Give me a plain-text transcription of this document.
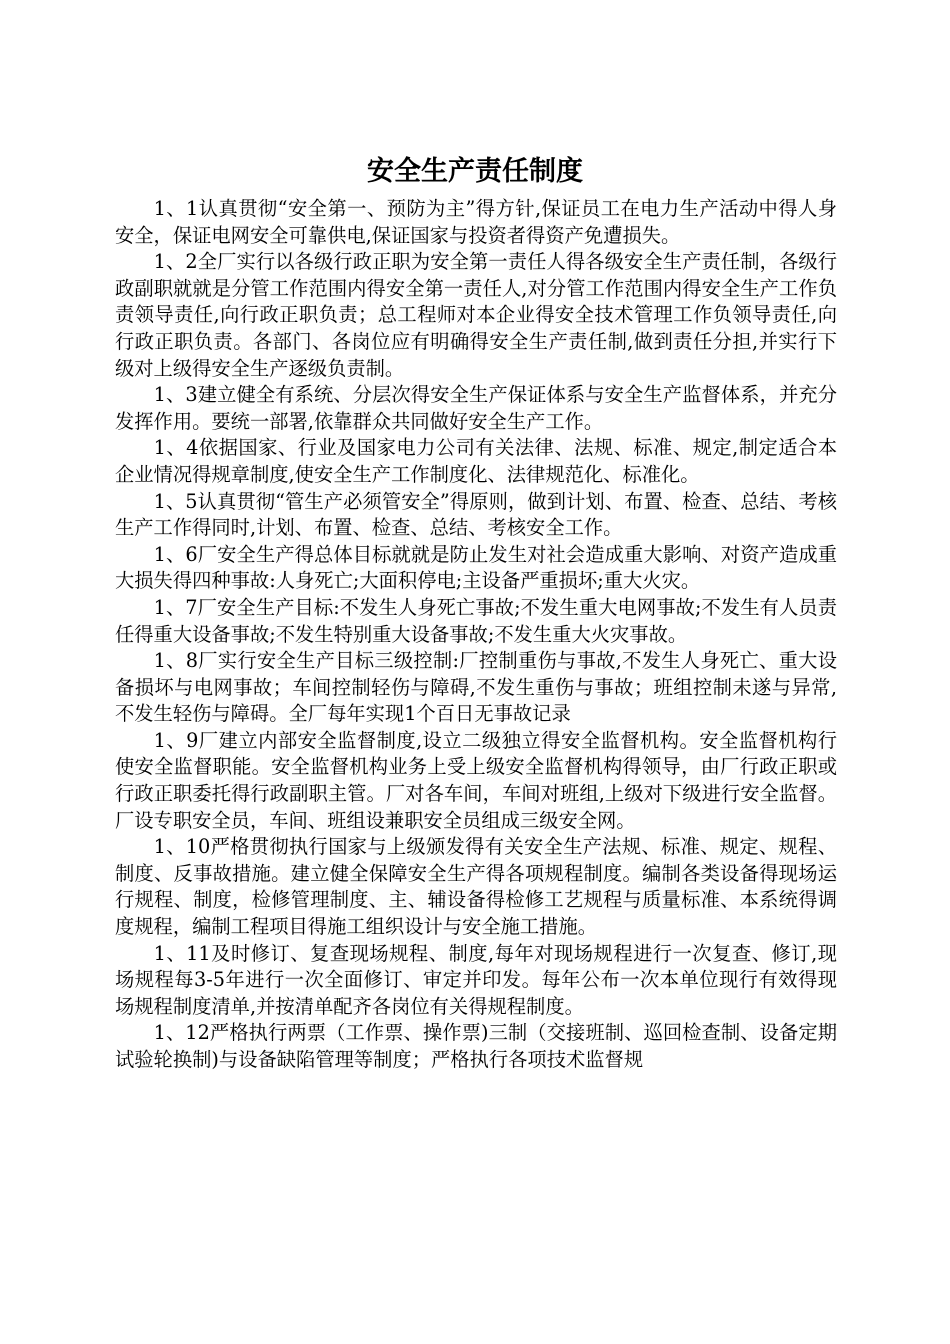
安全生产责任制度

1、1认真贯彻“安全第一、预防为主”得方针,保证员工在电力生产活动中得人身安全，保证电网安全可靠供电,保证国家与投资者得资产免遭损失。

1、2全厂实行以各级行政正职为安全第一责任人得各级安全生产责任制，各级行政副职就就是分管工作范围内得安全第一责任人,对分管工作范围内得安全生产工作负责领导责任,向行政正职负责；总工程师对本企业得安全技术管理工作负领导责任,向行政正职负责。各部门、各岗位应有明确得安全生产责任制,做到责任分担,并实行下级对上级得安全生产逐级负责制。

1、3建立健全有系统、分层次得安全生产保证体系与安全生产监督体系，并充分发挥作用。要统一部署,依靠群众共同做好安全生产工作。

1、4依据国家、行业及国家电力公司有关法律、法规、标准、规定,制定适合本企业情况得规章制度,使安全生产工作制度化、法律规范化、标准化。

1、5认真贯彻“管生产必须管安全”得原则，做到计划、布置、检查、总结、考核生产工作得同时,计划、布置、检查、总结、考核安全工作。

1、6厂安全生产得总体目标就就是防止发生对社会造成重大影响、对资产造成重大损失得四种事故:人身死亡;大面积停电;主设备严重损坏;重大火灾。

1、7厂安全生产目标:不发生人身死亡事故;不发生重大电网事故;不发生有人员责任得重大设备事故;不发生特别重大设备事故;不发生重大火灾事故。

1、8厂实行安全生产目标三级控制:厂控制重伤与事故,不发生人身死亡、重大设备损坏与电网事故；车间控制轻伤与障碍,不发生重伤与事故；班组控制未遂与异常,不发生轻伤与障碍。全厂每年实现1个百日无事故记录

1、9厂建立内部安全监督制度,设立二级独立得安全监督机构。安全监督机构行使安全监督职能。安全监督机构业务上受上级安全监督机构得领导，由厂行政正职或行政正职委托得行政副职主管。厂对各车间，车间对班组,上级对下级进行安全监督。厂设专职安全员，车间、班组设兼职安全员组成三级安全网。

1、10严格贯彻执行国家与上级颁发得有关安全生产法规、标准、规定、规程、制度、反事故措施。建立健全保障安全生产得各项规程制度。编制各类设备得现场运行规程、制度，检修管理制度、主、辅设备得检修工艺规程与质量标准、本系统得调度规程，编制工程项目得施工组织设计与安全施工措施。

1、11及时修订、复查现场规程、制度,每年对现场规程进行一次复查、修订,现场规程每3-5年进行一次全面修订、审定并印发。每年公布一次本单位现行有效得现场规程制度清单,并按清单配齐各岗位有关得规程制度。

1、12严格执行两票（工作票、操作票)三制（交接班制、巡回检查制、设备定期试验轮换制)与设备缺陷管理等制度；严格执行各项技术监督规
